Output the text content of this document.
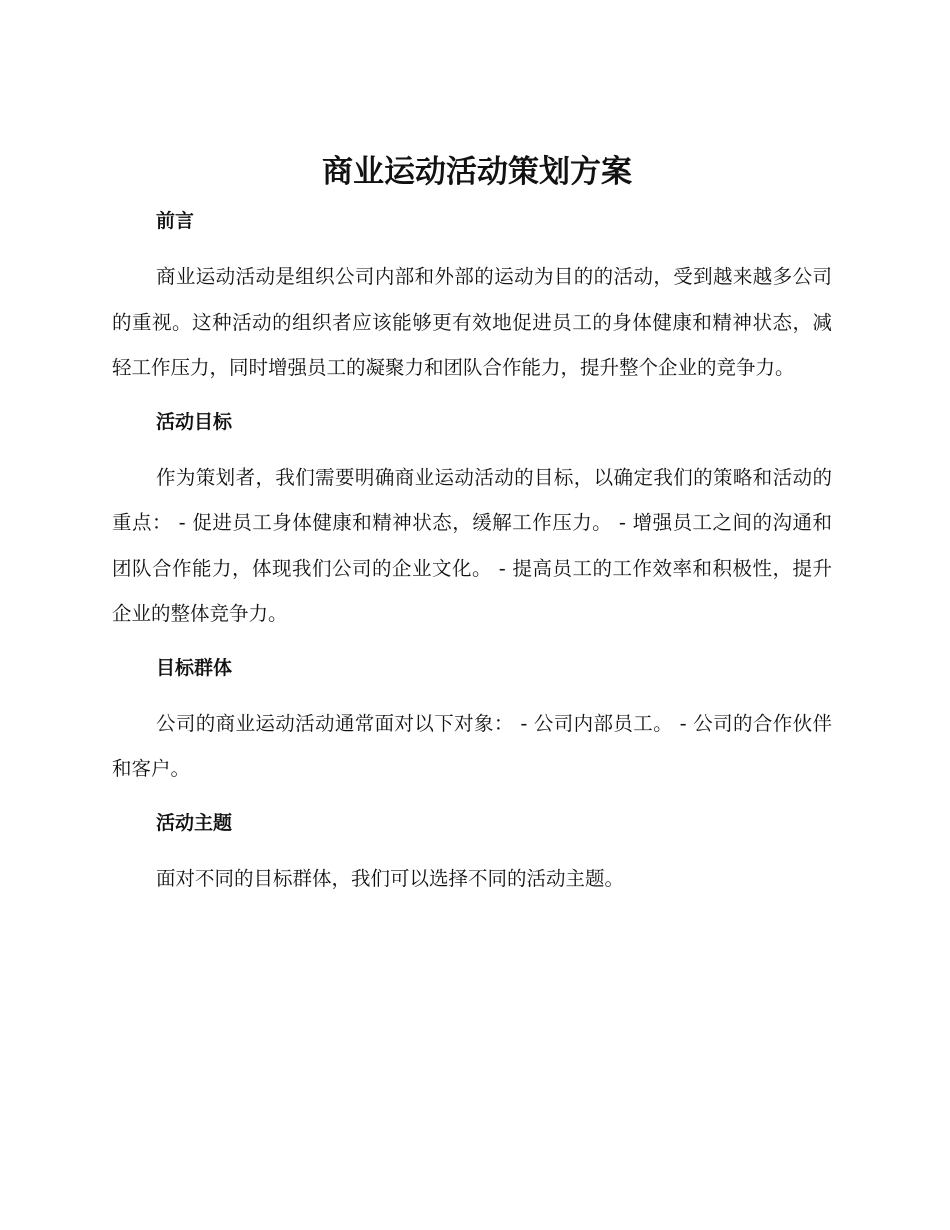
商业运动活动策划方案
前言

商业运动活动是组织公司内部和外部的运动为目的的活动，受到越来越多公司的重视。这种活动的组织者应该能够更有效地促进员工的身体健康和精神状态，减轻工作压力，同时增强员工的凝聚力和团队合作能力，提升整个企业的竞争力。

活动目标

作为策划者，我们需要明确商业运动活动的目标，以确定我们的策略和活动的重点： - 促进员工身体健康和精神状态，缓解工作压力。 - 增强员工之间的沟通和团队合作能力，体现我们公司的企业文化。 - 提高员工的工作效率和积极性，提升企业的整体竞争力。

目标群体

公司的商业运动活动通常面对以下对象： - 公司内部员工。 - 公司的合作伙伴和客户。

活动主题

面对不同的目标群体，我们可以选择不同的活动主题。
